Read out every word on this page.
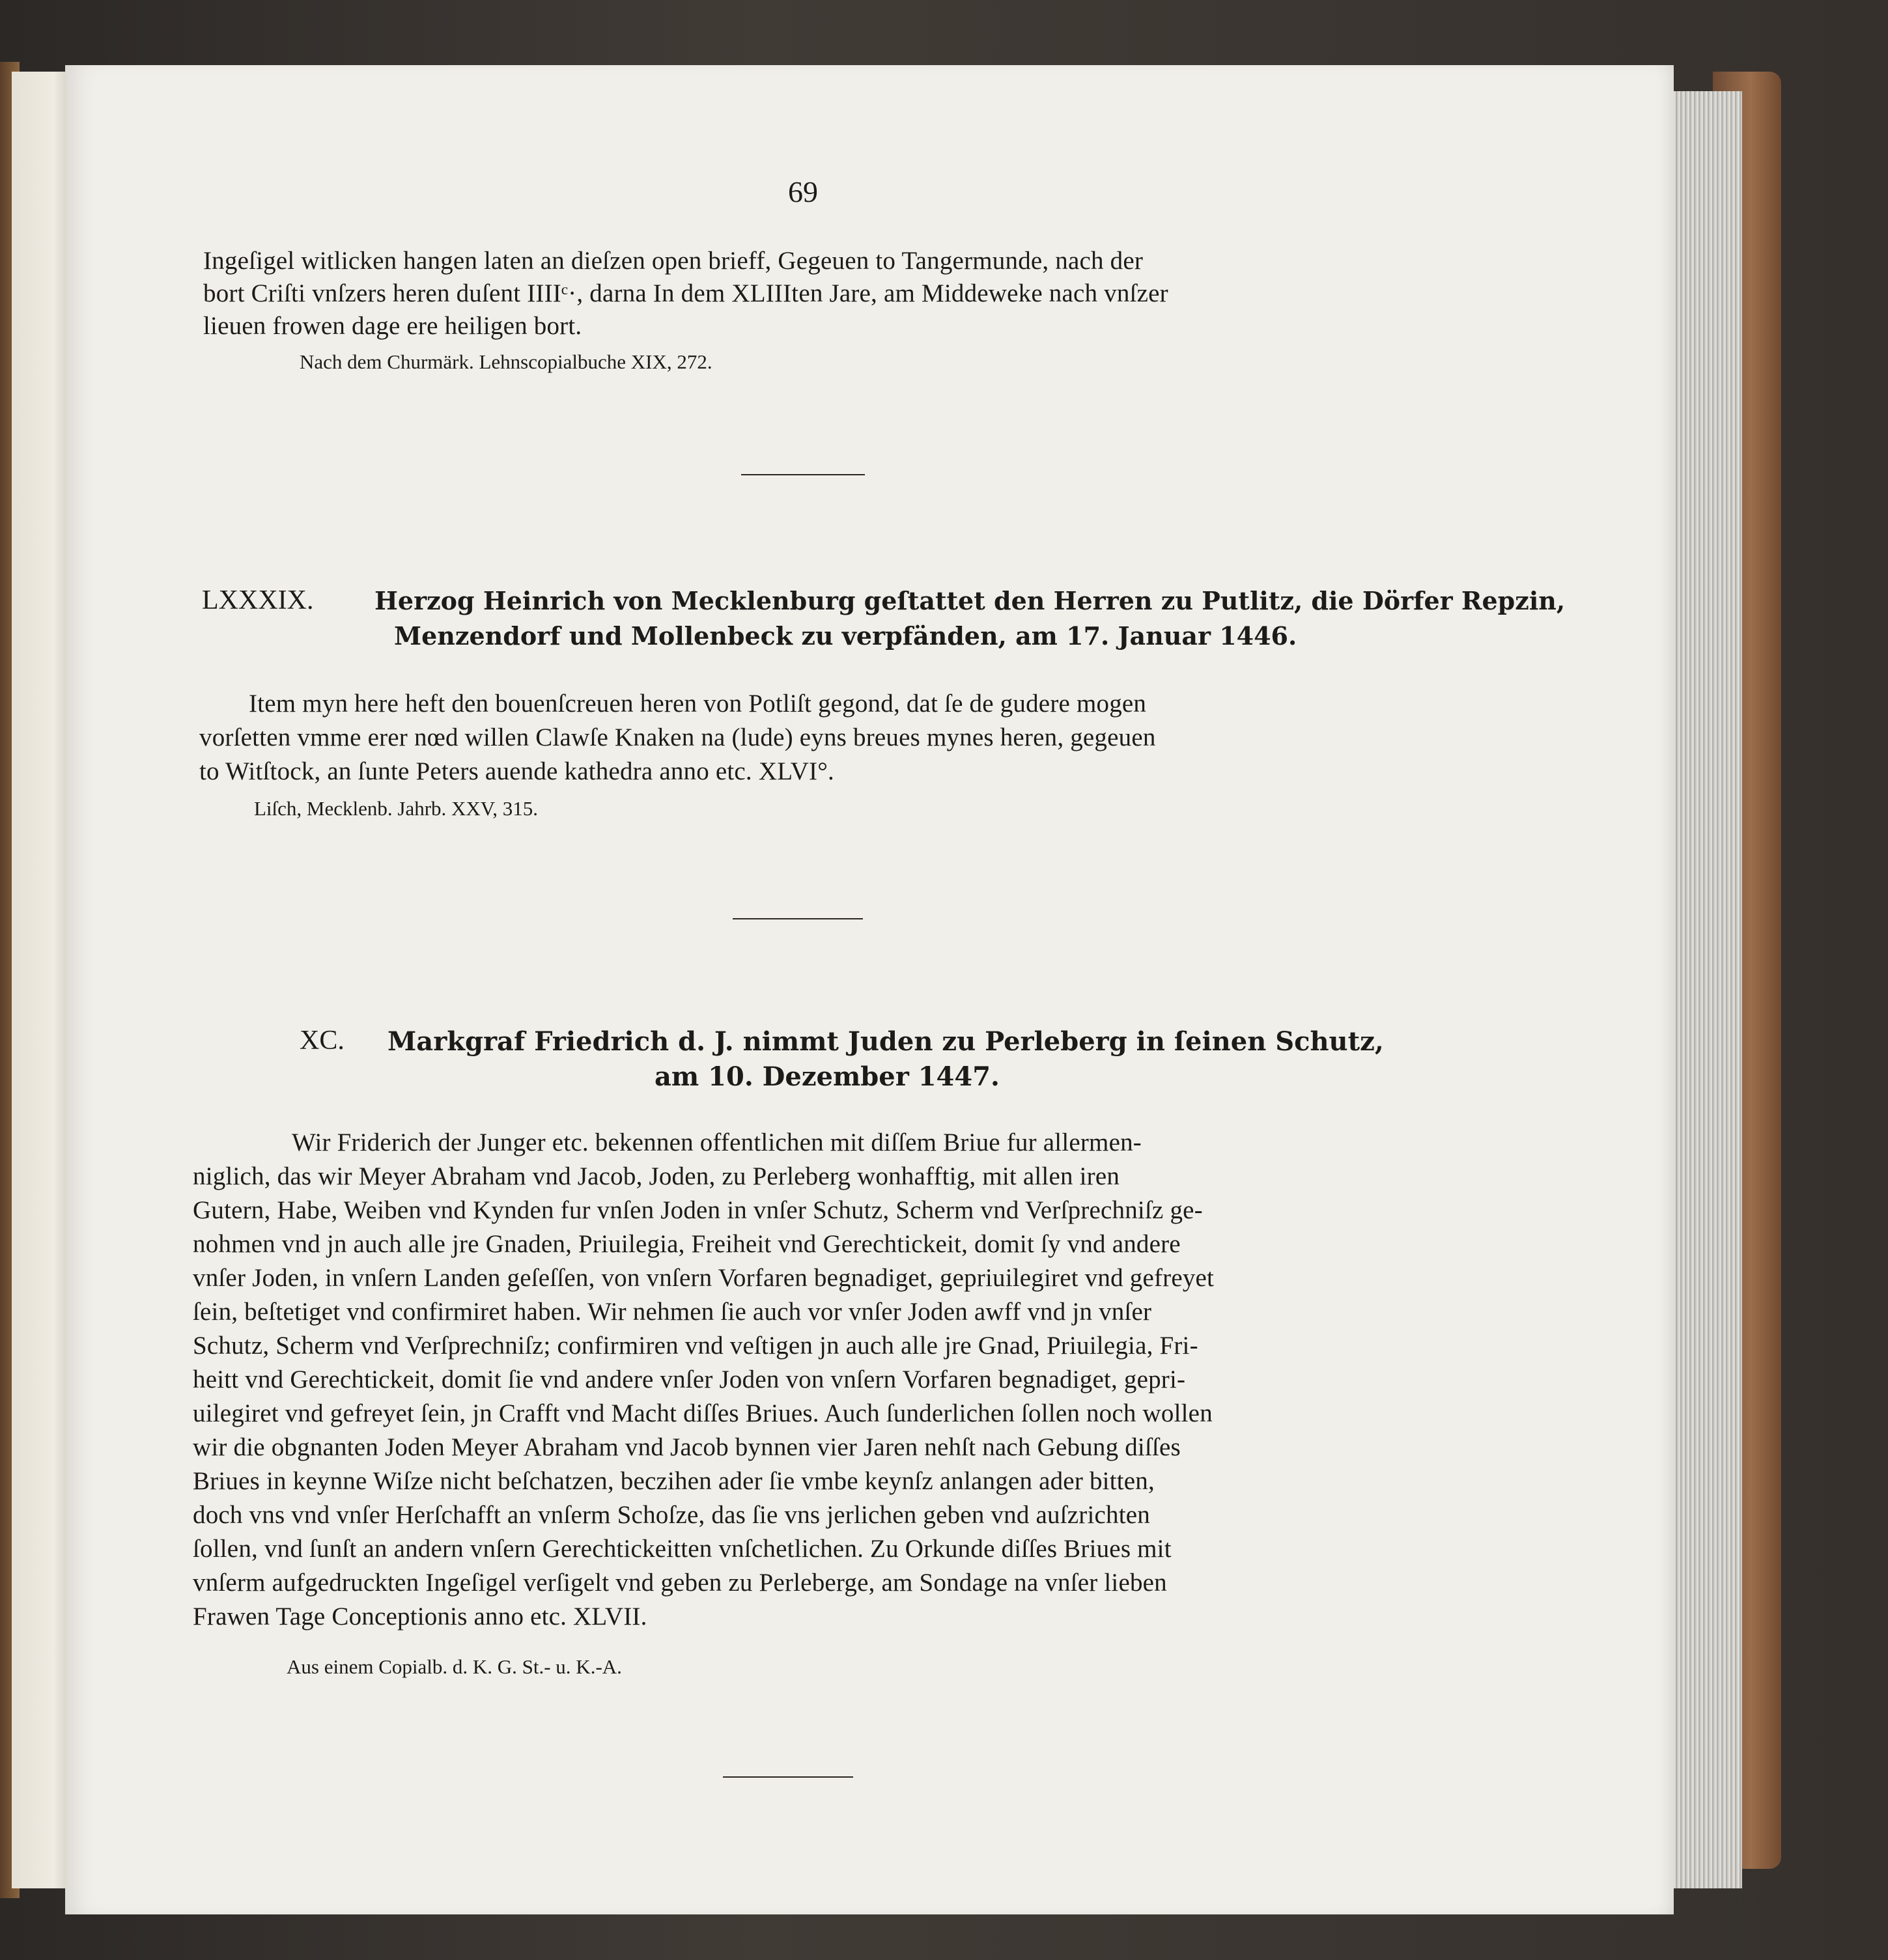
69
Ingeſigel witlicken hangen laten an dieſzen open brieff, Gegeuen to Tangermunde, nach der
bort Criſti vnſzers heren duſent IIIIᶜ·, darna In dem XLIIIten Jare, am Middeweke nach vnſzer
lieuen frowen dage ere heiligen bort.
Nach dem Churmärk. Lehnscopialbuche XIX, 272.
LXXXIX. Herzog Heinrich von Mecklenburg geſtattet den Herren zu Putlitz, die Dörfer Repzin,
Menzendorf und Mollenbeck zu verpfänden, am 17. Januar 1446.
Item myn here heft den bouenſcreuen heren von Potliſt gegond, dat ſe de gudere mogen
vorſetten vmme erer nœd willen Clawſe Knaken na (lude) eyns breues mynes heren, gegeuen
to Witſtock, an ſunte Peters auende kathedra anno etc. XLVI°.
Liſch, Mecklenb. Jahrb. XXV, 315.
XC. Markgraf Friedrich d. J. nimmt Juden zu Perleberg in ſeinen Schutz,
am 10. Dezember 1447.
Wir Friderich der Junger etc. bekennen offentlichen mit diſſem Briue fur allermen-
niglich, das wir Meyer Abraham vnd Jacob, Joden, zu Perleberg wonhafftig, mit allen iren
Gutern, Habe, Weiben vnd Kynden fur vnſen Joden in vnſer Schutz, Scherm vnd Verſprechniſz ge-
nohmen vnd jn auch alle jre Gnaden, Priuilegia, Freiheit vnd Gerechtickeit, domit ſy vnd andere
vnſer Joden, in vnſern Landen geſeſſen, von vnſern Vorfaren begnadiget, gepriuilegiret vnd gefreyet
ſein, beſtetiget vnd confirmiret haben. Wir nehmen ſie auch vor vnſer Joden awff vnd jn vnſer
Schutz, Scherm vnd Verſprechniſz; confirmiren vnd veſtigen jn auch alle jre Gnad, Priuilegia, Fri-
heitt vnd Gerechtickeit, domit ſie vnd andere vnſer Joden von vnſern Vorfaren begnadiget, gepri-
uilegiret vnd gefreyet ſein, jn Crafft vnd Macht diſſes Briues. Auch ſunderlichen ſollen noch wollen
wir die obgnanten Joden Meyer Abraham vnd Jacob bynnen vier Jaren nehſt nach Gebung diſſes
Briues in keynne Wiſze nicht beſchatzen, beczihen ader ſie vmbe keynſz anlangen ader bitten,
doch vns vnd vnſer Herſchafft an vnſerm Schoſze, das ſie vns jerlichen geben vnd auſzrichten
ſollen, vnd ſunſt an andern vnſern Gerechtickeitten vnſchetlichen. Zu Orkunde diſſes Briues mit
vnſerm aufgedruckten Ingeſigel verſigelt vnd geben zu Perleberge, am Sondage na vnſer lieben
Frawen Tage Conceptionis anno etc. XLVII.
Aus einem Copialb. d. K. G. St.- u. K.-A.
